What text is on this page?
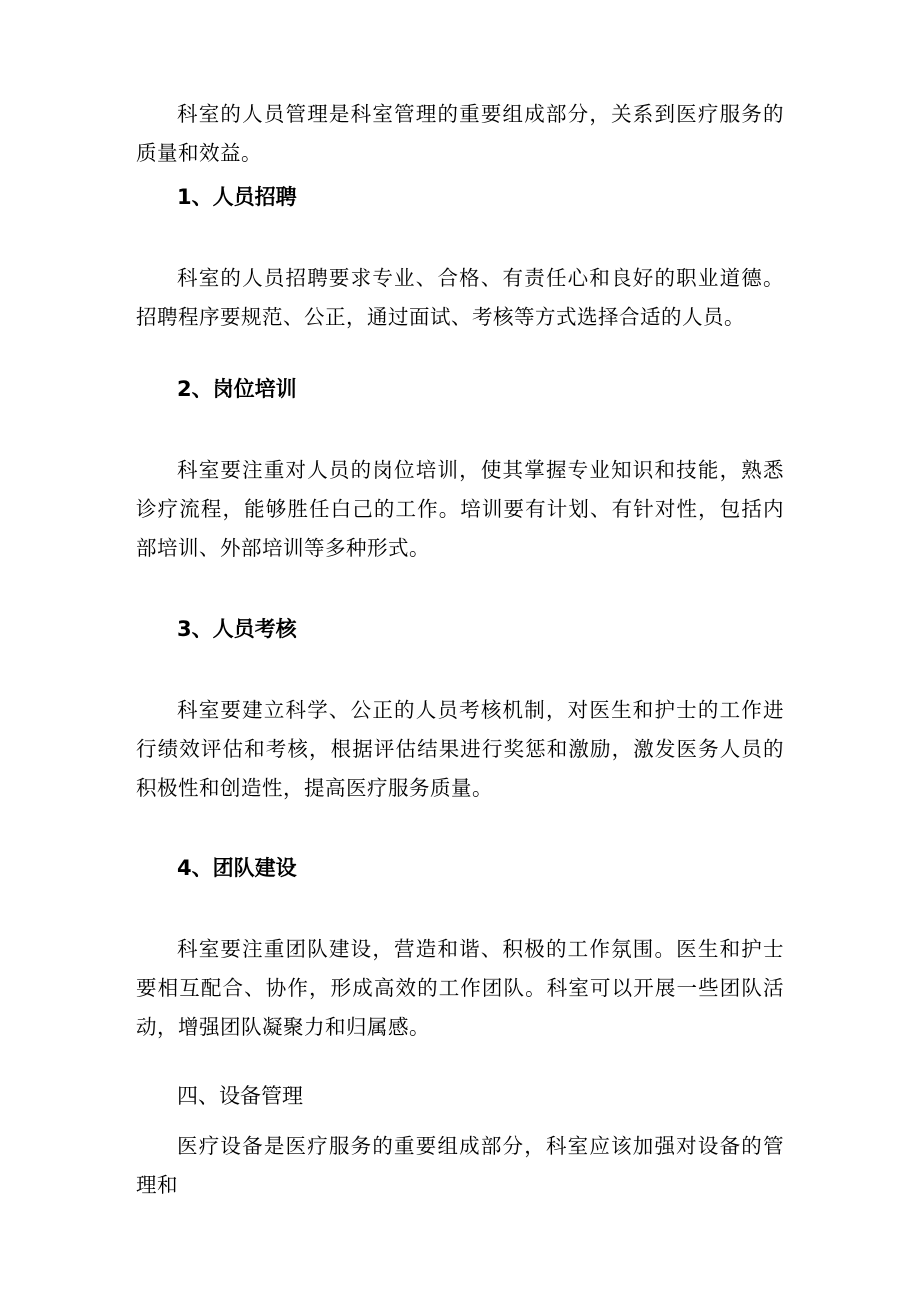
科室的人员管理是科室管理的重要组成部分，关系到医疗服务的质量和效益。

1、人员招聘

科室的人员招聘要求专业、合格、有责任心和良好的职业道德。招聘程序要规范、公正，通过面试、考核等方式选择合适的人员。

2、岗位培训

科室要注重对人员的岗位培训，使其掌握专业知识和技能，熟悉诊疗流程，能够胜任白己的工作。培训要有计划、有针对性，包括内部培训、外部培训等多种形式。

3、人员考核

科室要建立科学、公正的人员考核机制，对医生和护士的工作进行绩效评估和考核，根据评估结果进行奖惩和激励，激发医务人员的积极性和创造性，提高医疗服务质量。

4、团队建设

科室要注重团队建设，营造和谐、积极的工作氛围。医生和护士要相互配合、协作，形成高效的工作团队。科室可以开展一些团队活动，增强团队凝聚力和归属感。

四、设备管理

医疗设备是医疗服务的重要组成部分，科室应该加强对设备的管理和
